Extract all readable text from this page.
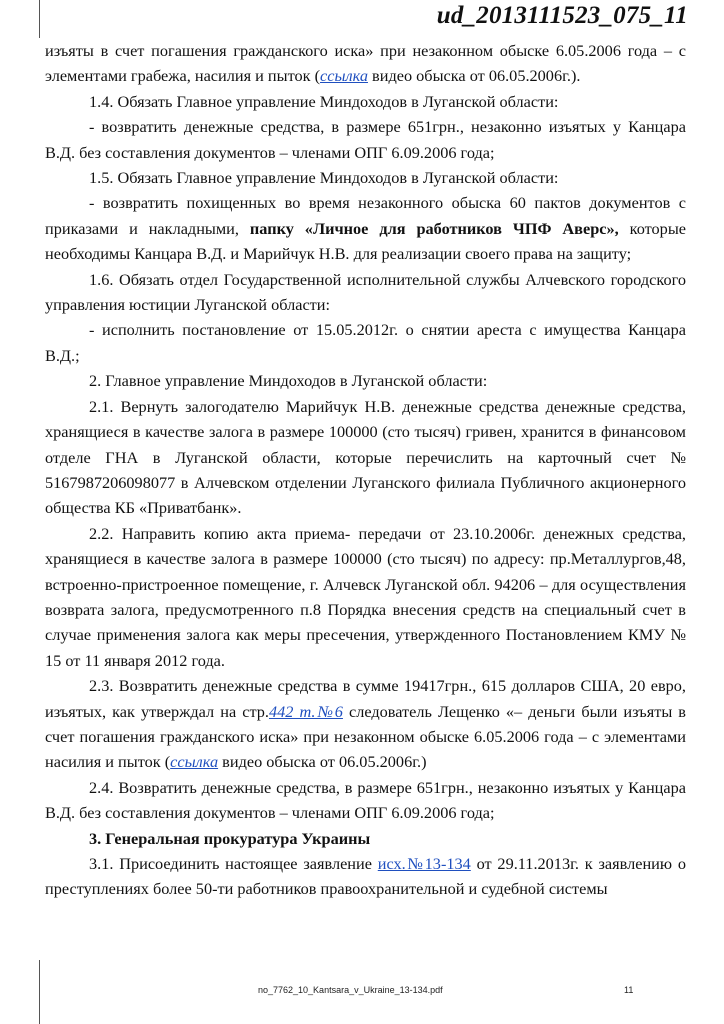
ud_2013111523_075_11

изъяты в счет погашения гражданского иска» при незаконном обыске 6.05.2006 года – с элементами грабежа, насилия и пыток (ссылка видео обыска от 06.05.2006г.).

1.4. Обязать Главное управление Миндоходов в Луганской области:

- возвратить денежные средства, в размере 651грн., незаконно изъятых у Канцара В.Д. без составления документов – членами ОПГ 6.09.2006 года;

1.5. Обязать Главное управление Миндоходов в Луганской области:

- возвратить похищенных во время незаконного обыска 60 пактов документов с приказами и накладными, папку «Личное для работников ЧПФ Аверс», которые необходимы Канцара В.Д. и Марийчук Н.В. для реализации своего права на защиту;

1.6. Обязать отдел Государственной исполнительной службы Алчевского городского управления юстиции Луганской области:

- исполнить постановление от 15.05.2012г. о снятии ареста с имущества Канцара В.Д.;

2. Главное управление Миндоходов в Луганской области:

2.1. Вернуть залогодателю Марийчук Н.В. денежные средства денежные средства, хранящиеся в качестве залога в размере 100000 (сто тысяч) гривен, хранится в финансовом отделе ГНА в Луганской области, которые перечислить на карточный счет № 5167987206098077 в Алчевском отделении Луганского филиала Публичного акционерного общества КБ «Приватбанк».

2.2. Направить копию акта приема- передачи от 23.10.2006г. денежных средства, хранящиеся в качестве залога в размере 100000 (сто тысяч) по адресу: пр.Металлургов,48, встроенно-пристроенное помещение, г. Алчевск Луганской обл. 94206 – для осуществления возврата залога, предусмотренного п.8 Порядка внесения средств на специальный счет в случае применения залога как меры пресечения, утвержденного Постановлением КМУ № 15 от 11 января 2012 года.

2.3. Возвратить денежные средства в сумме 19417грн., 615 долларов США, 20 евро, изъятых, как утверждал на стр.442 т.№6 следователь Лещенко «– деньги были изъяты в счет погашения гражданского иска» при незаконном обыске 6.05.2006 года – с элементами насилия и пыток (ссылка видео обыска от 06.05.2006г.)

2.4. Возвратить денежные средства, в размере 651грн., незаконно изъятых у Канцара В.Д. без составления документов – членами ОПГ 6.09.2006 года;

3. Генеральная прокуратура Украины

3.1. Присоединить настоящее заявление исх.№13-134 от 29.11.2013г. к заявлению о преступлениях более 50-ти работников правоохранительной и судебной системы

no_7762_10_Kantsara_v_Ukraine_13-134.pdf	11
